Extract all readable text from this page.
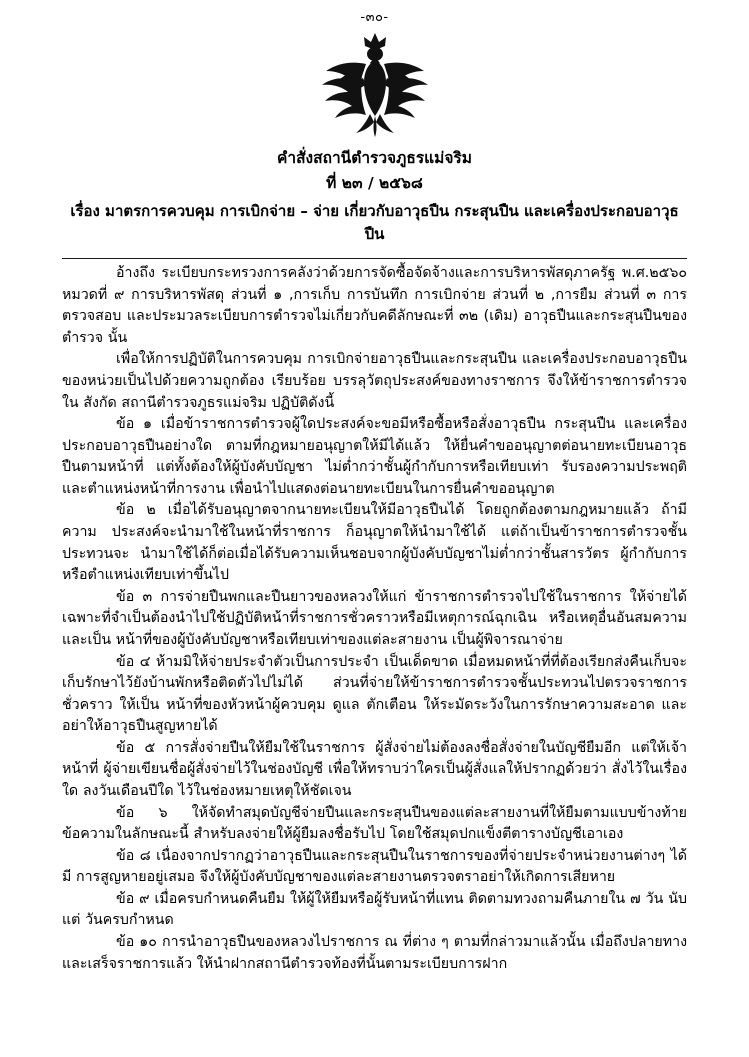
-๓๐-
คำสั่งสถานีตำรวจภูธรแม่จริม
ที่ ๒๓ / ๒๕๖๘
เรื่อง มาตรการควบคุม การเบิกจ่าย – จ่าย เกี่ยวกับอาวุธปืน กระสุนปืน และเครื่องประกอบอาวุธปืน

อ้างถึง ระเบียบกระทรวงการคลังว่าด้วยการจัดซื้อจัดจ้างและการบริหารพัสดุภาครัฐ พ.ศ.๒๕๖๐ หมวดที่ ๙ การบริหารพัสดุ ส่วนที่ ๑ ,การเก็บ การบันทึก การเบิกจ่าย ส่วนที่ ๒ ,การยืม ส่วนที่ ๓ การตรวจสอบ และประมวลระเบียบการตำรวจไม่เกี่ยวกับคดีลักษณะที่ ๓๒ (เดิม) อาวุธปืนและกระสุนปืนของตำรวจ นั้น

เพื่อให้การปฏิบัติในการควบคุม การเบิกจ่ายอาวุธปืนและกระสุนปืน และเครื่องประกอบอาวุธปืน ของหน่วยเป็นไปด้วยความถูกต้อง เรียบร้อย บรรลุวัตถุประสงค์ของทางราชการ จึงให้ข้าราชการตำรวจใน สังกัด สถานีตำรวจภูธรแม่จริม ปฏิบัติดังนี้

ข้อ ๑ เมื่อข้าราชการตำรวจผู้ใดประสงค์จะขอมีหรือซื้อหรือสั่งอาวุธปืน กระสุนปืน และเครื่อง ประกอบอาวุธปืนอย่างใด ตามที่กฎหมายอนุญาตให้มีได้แล้ว ให้ยื่นคำขออนุญาตต่อนายทะเบียนอาวุธปืนตามหน้าที่ แต่ทั้งต้องให้ผู้บังคับบัญชา ไม่ต่ำกว่าชั้นผู้กำกับการหรือเทียบเท่า รับรองความประพฤติและตำแหน่งหน้าที่การงาน เพื่อนำไปแสดงต่อนายทะเบียนในการยื่นคำขออนุญาต

ข้อ ๒ เมื่อได้รับอนุญาตจากนายทะเบียนให้มีอาวุธปืนได้ โดยถูกต้องตามกฎหมายแล้ว ถ้ามีความ ประสงค์จะนำมาใช้ในหน้าที่ราชการ ก็อนุญาตให้นำมาใช้ได้ แต่ถ้าเป็นข้าราชการตำรวจชั้นประทวนจะ นำมาใช้ได้ก็ต่อเมื่อได้รับความเห็นชอบจากผู้บังคับบัญชาไม่ต่ำกว่าชั้นสารวัตร ผู้กำกับการหรือตำแหน่งเทียบเท่าขึ้นไป

ข้อ ๓ การจ่ายปืนพกและปืนยาวของหลวงให้แก่ ข้าราชการตำรวจไปใช้ในราชการ ให้จ่ายได้ เฉพาะที่จำเป็นต้องนำไปใช้ปฏิบัติหน้าที่ราชการชั่วคราวหรือมีเหตุการณ์ฉุกเฉิน หรือเหตุอื่นอันสมความและเป็น หน้าที่ของผู้บังคับบัญชาหรือเทียบเท่าของแต่ละสายงาน เป็นผู้พิจารณาจ่าย

ข้อ ๔ ห้ามมิให้จ่ายประจำตัวเป็นการประจำ เป็นเด็ดขาด เมื่อหมดหน้าที่ที่ต้องเรียกส่งคืนเก็บจะ เก็บรักษาไว้ยังบ้านพักหรือติดตัวไปไม่ได้ ส่วนที่จ่ายให้ข้าราชการตำรวจชั้นประทวนไปตรวจราชการชั่วคราว ให้เป็น หน้าที่ของหัวหน้าผู้ควบคุม ดูแล ตักเตือน ให้ระมัดระวังในการรักษาความสะอาด และอย่าให้อาวุธปืนสูญหายได้

ข้อ ๕ การสั่งจ่ายปืนให้ยืมใช้ในราชการ ผู้สั่งจ่ายไม่ต้องลงชื่อสั่งจ่ายในบัญชียืมอีก แต่ให้เจ้าหน้าที่ ผู้จ่ายเขียนชื่อผู้สั่งจ่ายไว้ในช่องบัญชี เพื่อให้ทราบว่าใครเป็นผู้สั่งแลให้ปรากฏด้วยว่า สั่งไว้ในเรื่องใด ลงวันเดือนปีใด ไว้ในช่องหมายเหตุให้ชัดเจน

ข้อ ๖ ให้จัดทำสมุดบัญชีจ่ายปืนและกระสุนปืนของแต่ละสายงานที่ให้ยืมตามแบบข้างท้าย ข้อความในลักษณะนี้ สำหรับลงจ่ายให้ผู้ยืมลงชื่อรับไป โดยใช้สมุดปกแข็งตีตารางบัญชีเอาเอง

ข้อ ๘ เนื่องจากปรากฏว่าอาวุธปืนและกระสุนปืนในราชการของที่จ่ายประจำหน่วยงานต่างๆ ได้มี การสูญหายอยู่เสมอ จึงให้ผู้บังคับบัญชาของแต่ละสายงานตรวจตราอย่าให้เกิดการเสียหาย

ข้อ ๙ เมื่อครบกำหนดคืนยืม ให้ผู้ให้ยืมหรือผู้รับหน้าที่แทน ติดตามทวงถามคืนภายใน ๗ วัน นับแต่ วันครบกำหนด

ข้อ ๑๐ การนำอาวุธปืนของหลวงไปราชการ ณ ที่ต่าง ๆ ตามที่กล่าวมาแล้วนั้น เมื่อถึงปลายทาง และเสร็จราชการแล้ว ให้นำฝากสถานีตำรวจท้องที่นั้นตามระเบียบการฝาก
